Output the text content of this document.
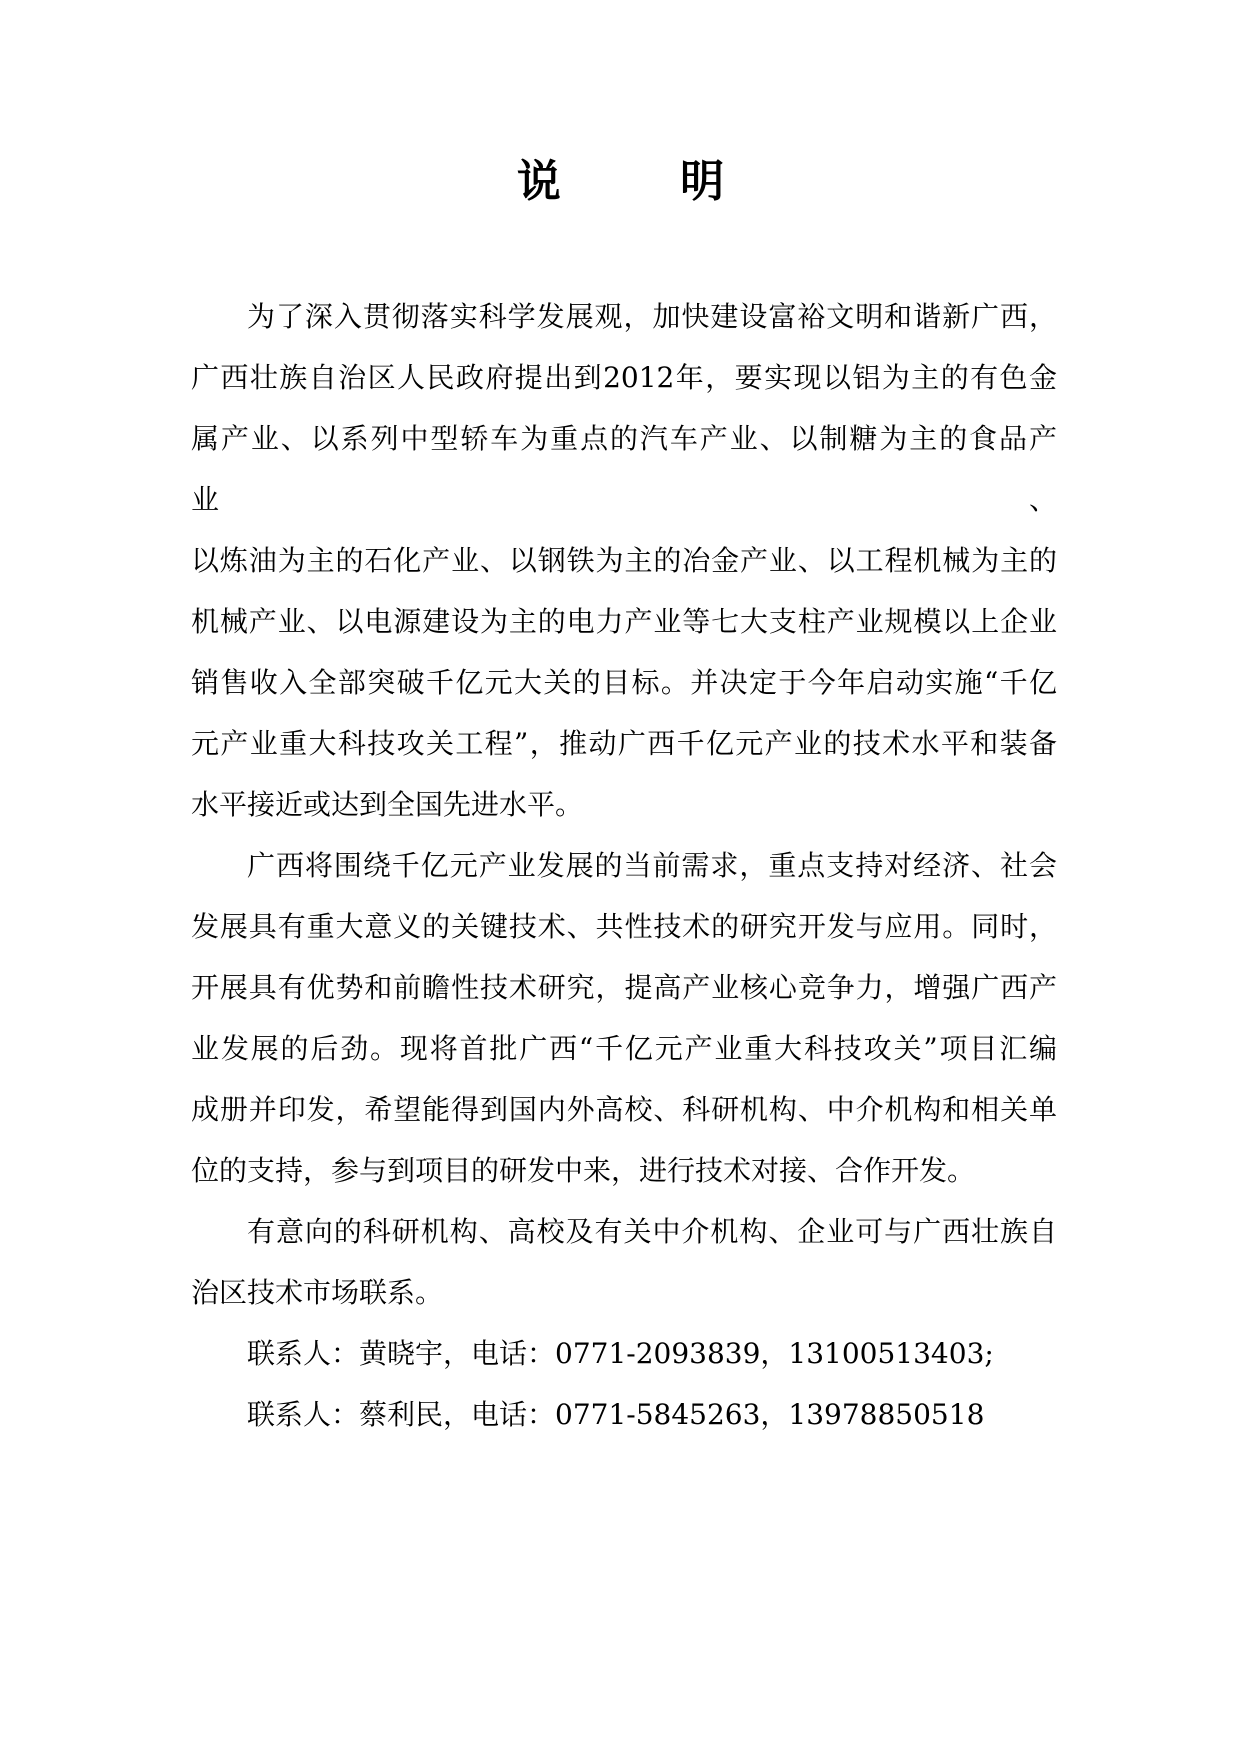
说 明

为了深入贯彻落实科学发展观，加快建设富裕文明和谐新广西，
广西壮族自治区人民政府提出到2012年，要实现以铝为主的有色金
属产业、以系列中型轿车为重点的汽车产业、以制糖为主的食品产业、
以炼油为主的石化产业、以钢铁为主的冶金产业、以工程机械为主的
机械产业、以电源建设为主的电力产业等七大支柱产业规模以上企业
销售收入全部突破千亿元大关的目标。并决定于今年启动实施“千亿
元产业重大科技攻关工程”，推动广西千亿元产业的技术水平和装备
水平接近或达到全国先进水平。

广西将围绕千亿元产业发展的当前需求，重点支持对经济、社会
发展具有重大意义的关键技术、共性技术的研究开发与应用。同时，
开展具有优势和前瞻性技术研究，提高产业核心竞争力，增强广西产
业发展的后劲。现将首批广西“千亿元产业重大科技攻关”项目汇编
成册并印发，希望能得到国内外高校、科研机构、中介机构和相关单
位的支持，参与到项目的研发中来，进行技术对接、合作开发。

有意向的科研机构、高校及有关中介机构、企业可与广西壮族自
治区技术市场联系。

联系人：黄晓宇，电话：0771-2093839，13100513403;

联系人：蔡利民，电话：0771-5845263，13978850518
